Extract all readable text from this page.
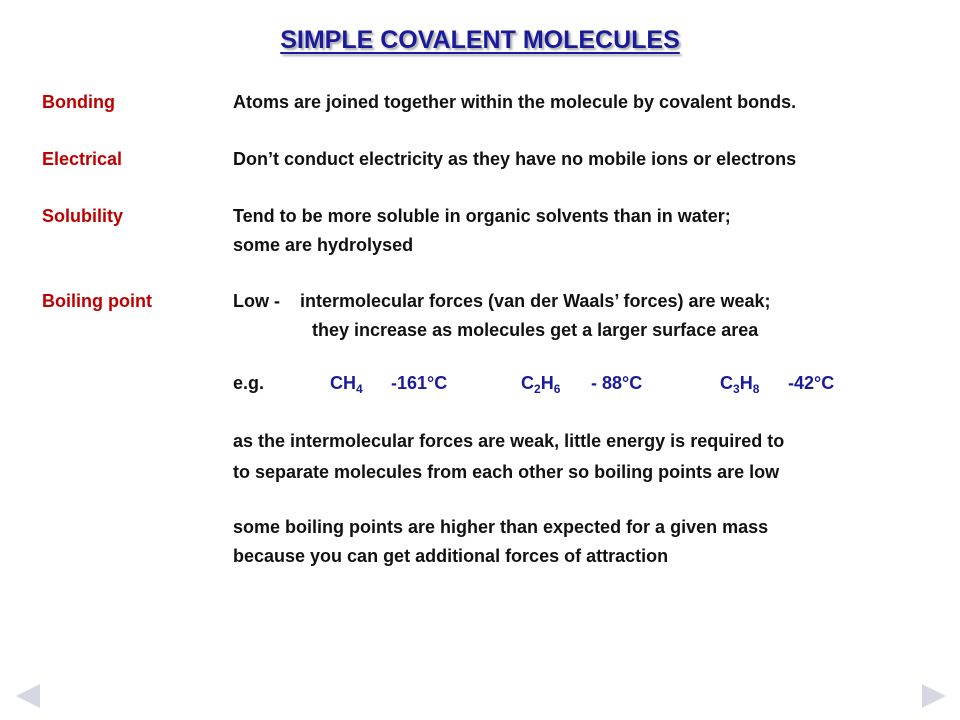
SIMPLE COVALENT MOLECULES
Bonding	Atoms are joined together within the molecule by covalent bonds.
Electrical	Don’t conduct electricity as they have no mobile ions or electrons
Solubility	Tend to be more soluble in organic solvents than in water;
some are hydrolysed
Boiling point	Low -    intermolecular forces (van der Waals’ forces) are weak;
they increase as molecules get a larger surface area
e.g.	$CH_4$ -161°C	$C_2H_6 - 88^\circ C$	$C_3H_8$ -42°C
as the intermolecular forces are weak, little energy is required to
to separate molecules from each other so boiling points are low
some boiling points are higher than expected for a given mass
because you can get additional forces of attraction
